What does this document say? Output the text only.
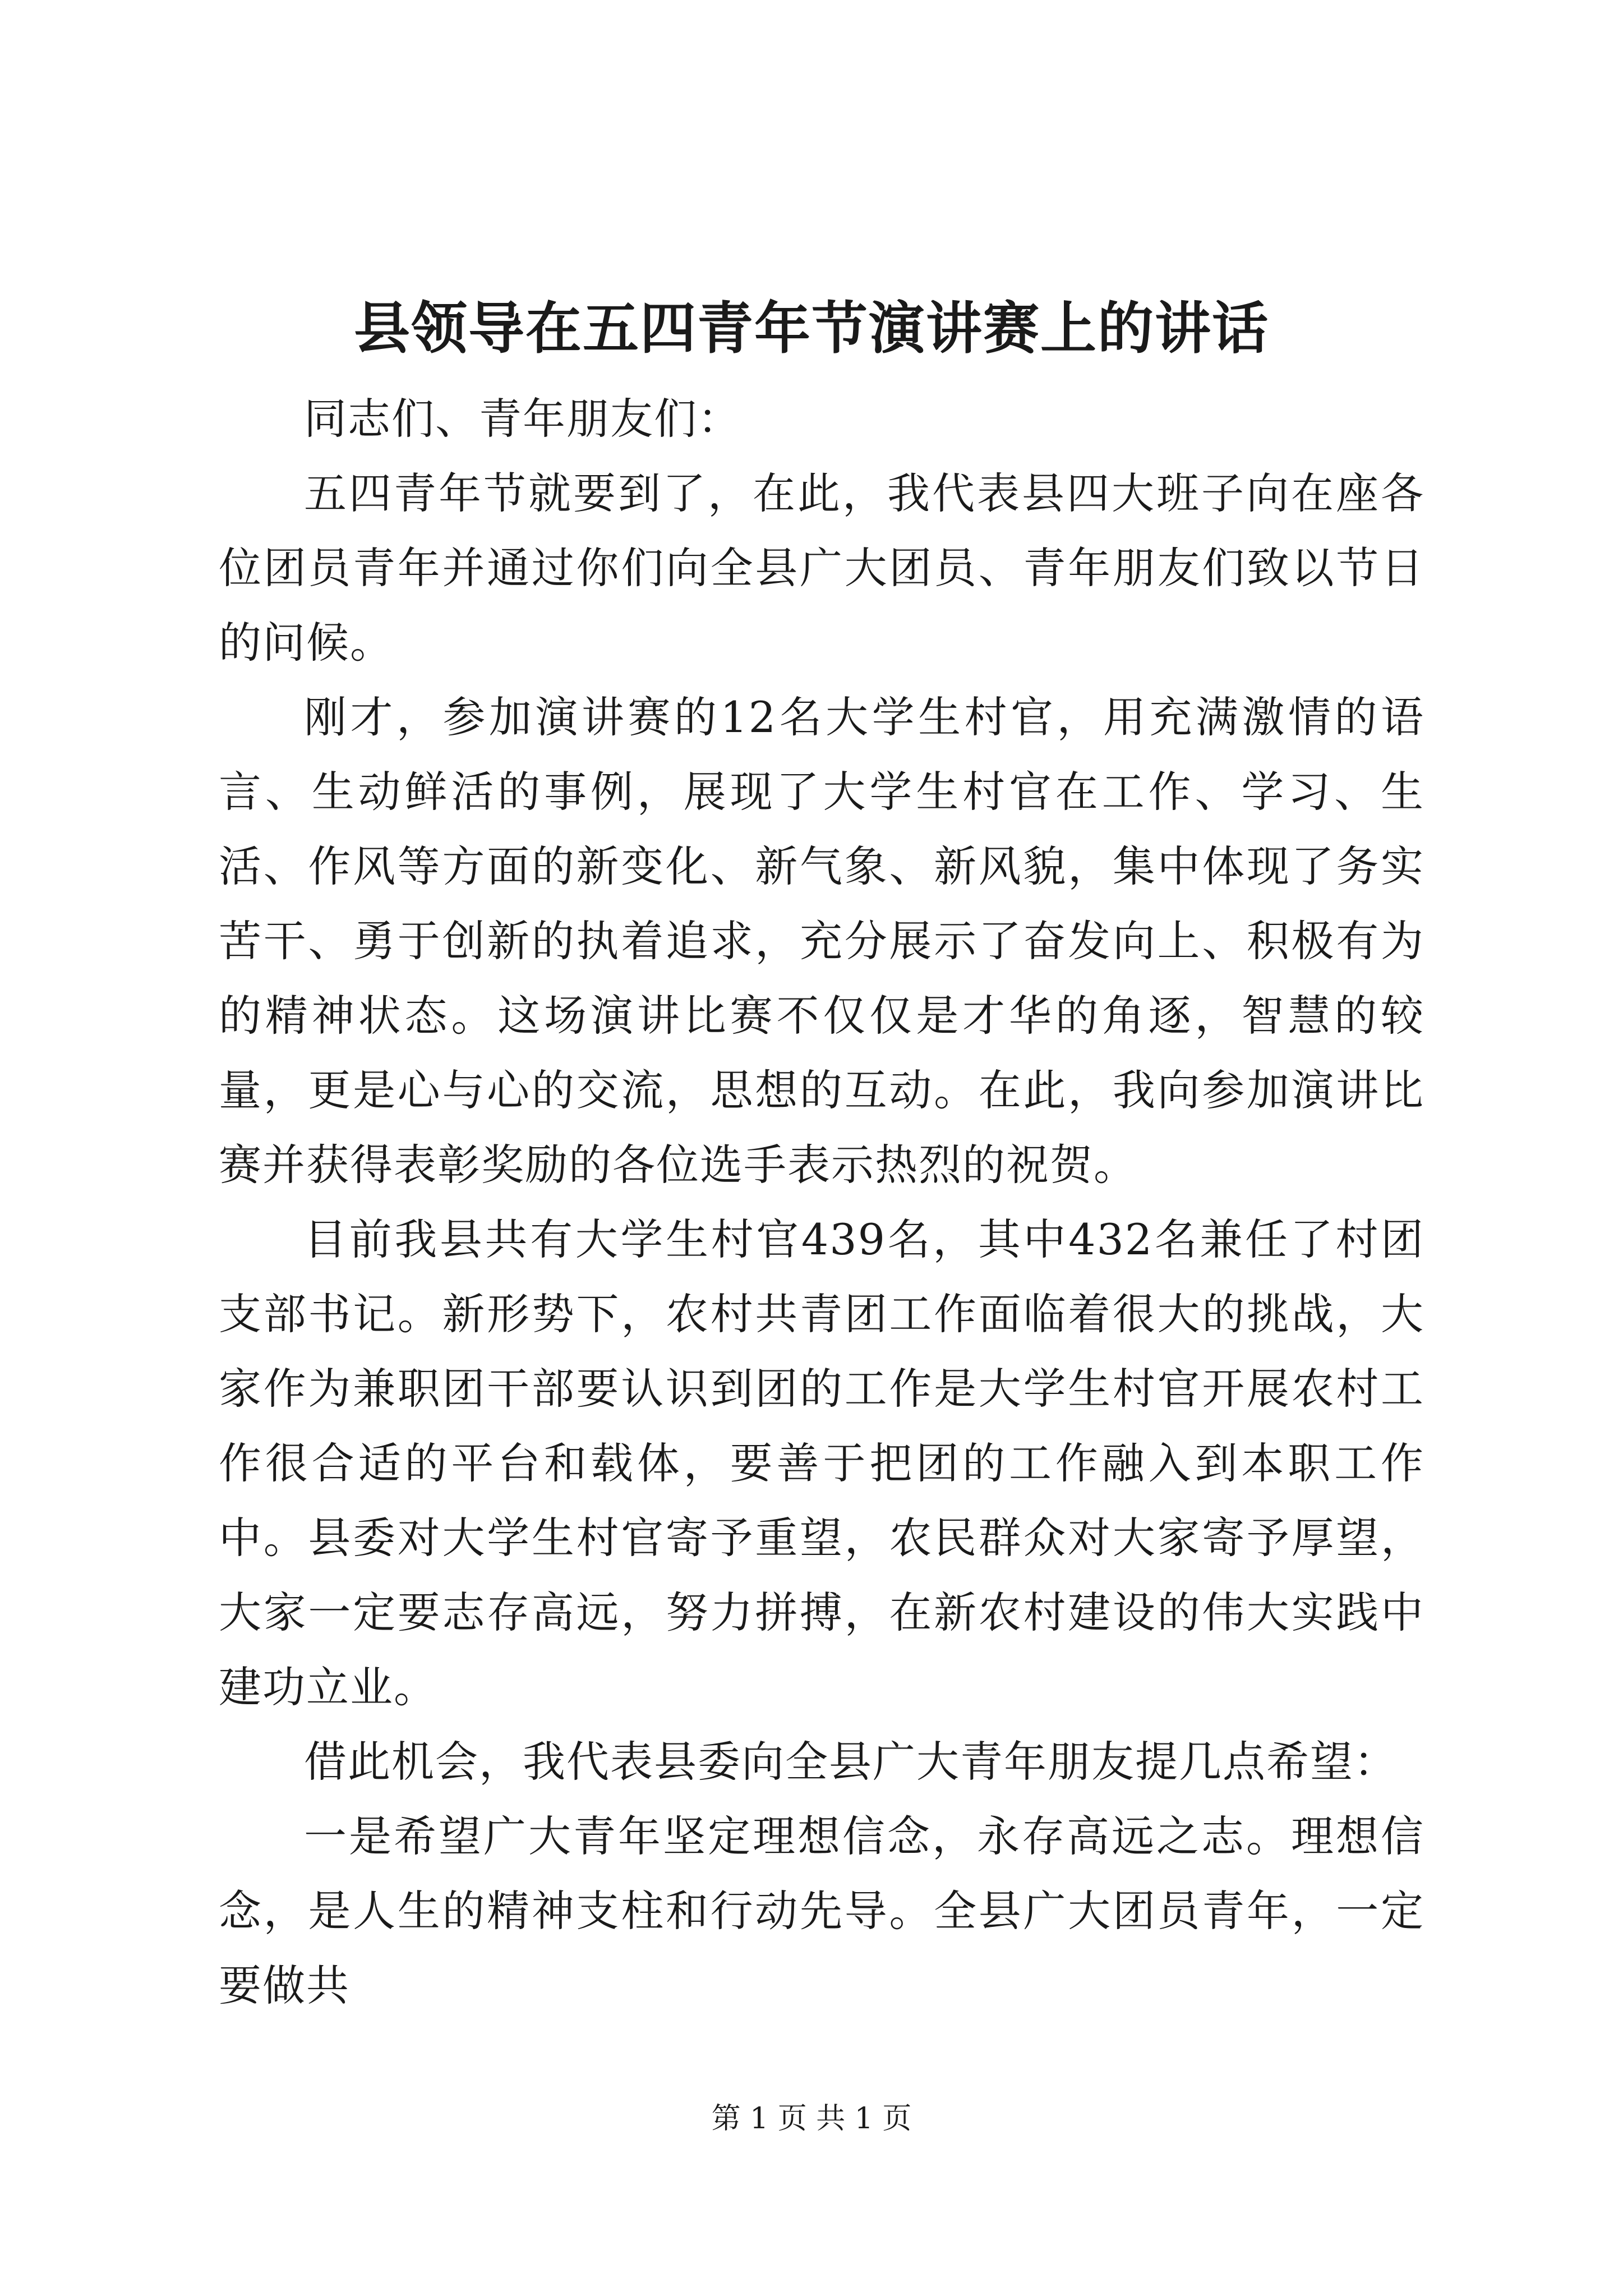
县领导在五四青年节演讲赛上的讲话

同志们、青年朋友们：

五四青年节就要到了，在此，我代表县四大班子向在座各位团员青年并通过你们向全县广大团员、青年朋友们致以节日的问候。

刚才，参加演讲赛的12名大学生村官，用充满激情的语言、生动鲜活的事例，展现了大学生村官在工作、学习、生活、作风等方面的新变化、新气象、新风貌，集中体现了务实苦干、勇于创新的执着追求，充分展示了奋发向上、积极有为的精神状态。这场演讲比赛不仅仅是才华的角逐，智慧的较量，更是心与心的交流，思想的互动。在此，我向参加演讲比赛并获得表彰奖励的各位选手表示热烈的祝贺。

目前我县共有大学生村官439名，其中432名兼任了村团支部书记。新形势下，农村共青团工作面临着很大的挑战，大家作为兼职团干部要认识到团的工作是大学生村官开展农村工作很合适的平台和载体，要善于把团的工作融入到本职工作中。县委对大学生村官寄予重望，农民群众对大家寄予厚望，大家一定要志存高远，努力拼搏，在新农村建设的伟大实践中建功立业。

借此机会，我代表县委向全县广大青年朋友提几点希望：

一是希望广大青年坚定理想信念，永存高远之志。理想信念，是人生的精神支柱和行动先导。全县广大团员青年，一定要做共

第 1 页 共 1 页
